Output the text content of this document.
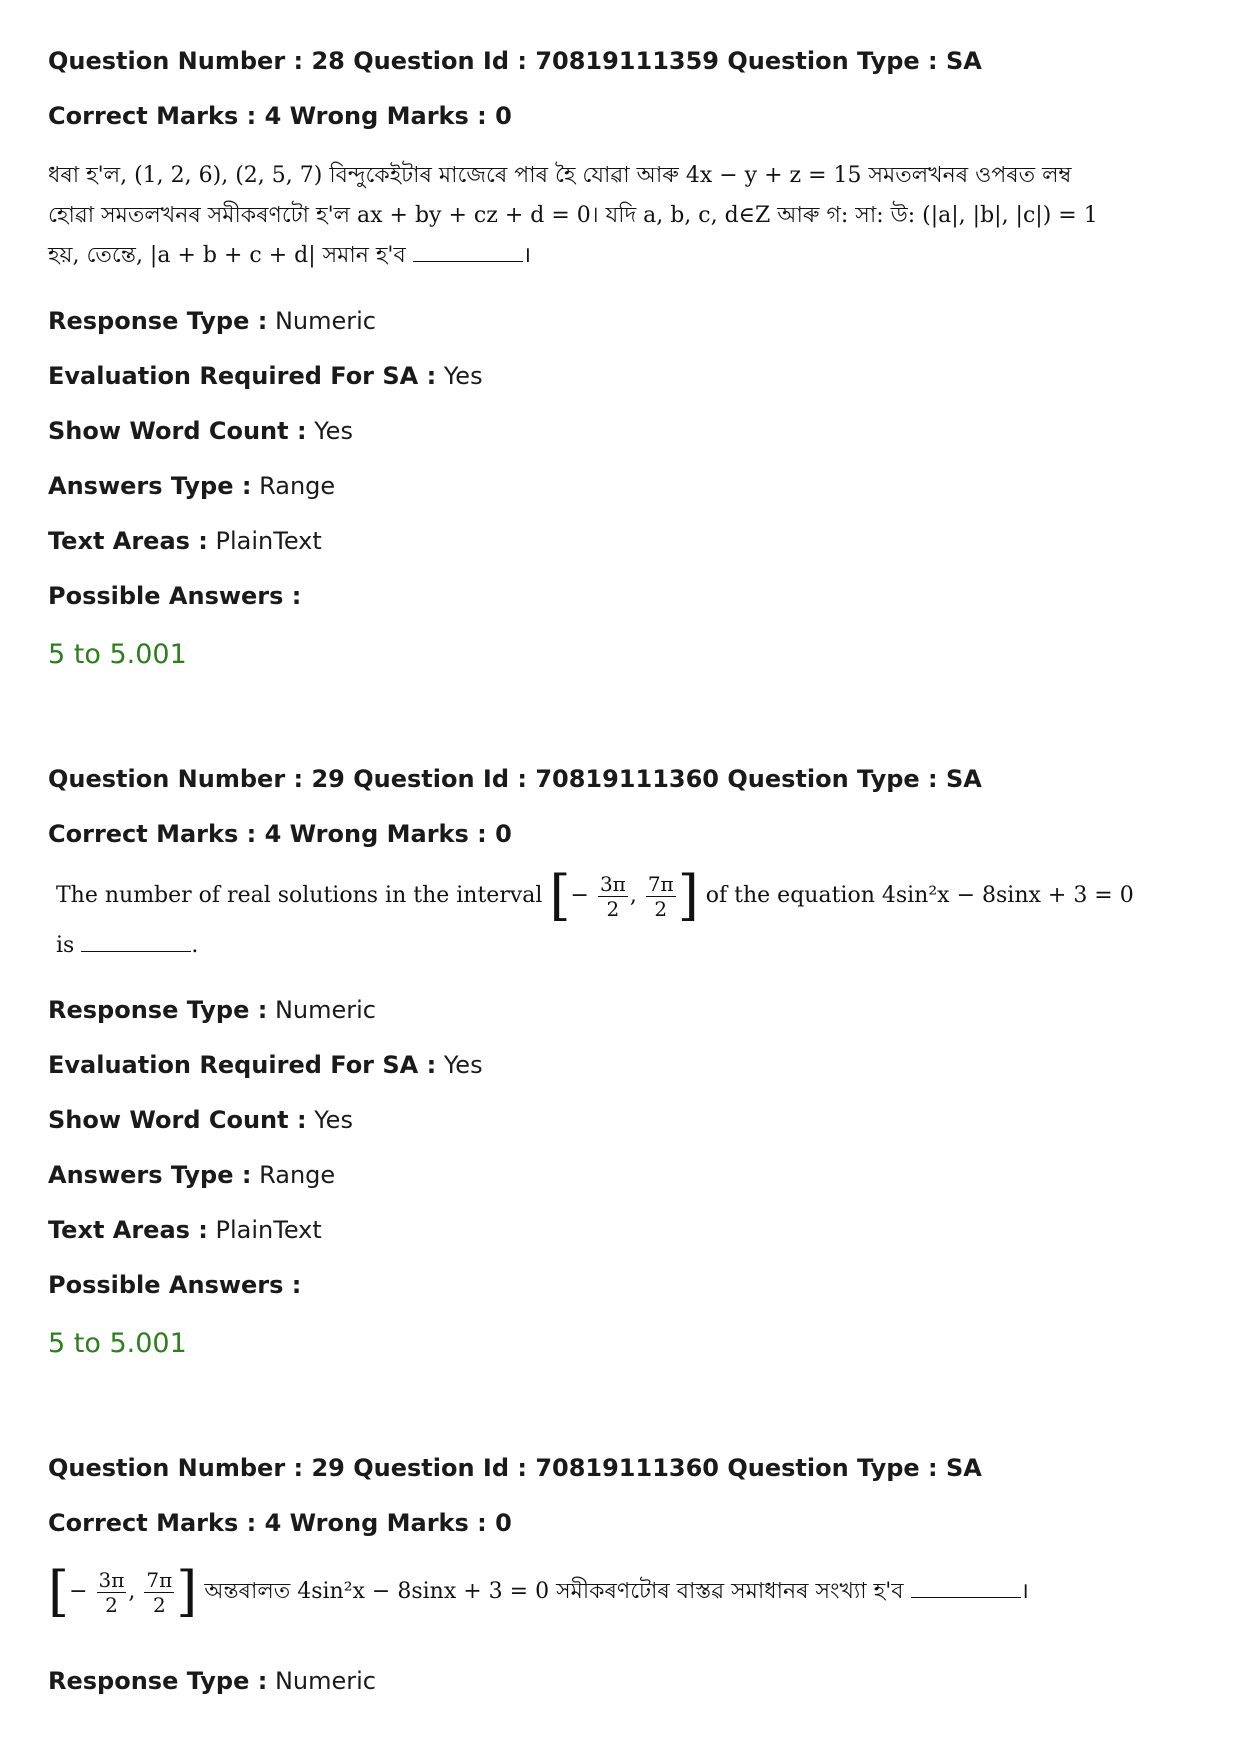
Question Number : 28 Question Id : 70819111359 Question Type : SA
Correct Marks : 4 Wrong Marks : 0
ধৰা হ'ল, (1, 2, 6), (2, 5, 7) বিন্দুকেইটাৰ মাজেৰে পাৰ হৈ যোৱা আৰু 4x − y + z = 15 সমতলখনৰ ওপৰত লম্ব
হোৱা সমতলখনৰ সমীকৰণটো হ'ল ax + by + cz + d = 0। যদি a, b, c, d∈Z আৰু গ: সা: উ: (|a|, |b|, |c|) = 1
হয়, তেন্তে, |a + b + c + d| সমান হ'ব	।
Response Type : Numeric
Evaluation Required For SA : Yes
Show Word Count : Yes
Answers Type : Range
Text Areas : PlainText
Possible Answers :
5 to 5.001
Question Number : 29 Question Id : 70819111360 Question Type : SA
Correct Marks : 4 Wrong Marks : 0
The number of real solutions in the interval [− $\frac{3\pi}{2}$ , $\frac{7\pi}{2}$ ] of the equation 4sin²x − 8sinx + 3 = 0
is	.
Response Type : Numeric
Evaluation Required For SA : Yes
Show Word Count : Yes
Answers Type : Range
Text Areas : PlainText
Possible Answers :
5 to 5.001
Question Number : 29 Question Id : 70819111360 Question Type : SA
Correct Marks : 4 Wrong Marks : 0
[− $\frac{3\pi}{2}$ , $\frac{7\pi}{2}$ ] অন্তৰালত 4sin²x − 8sinx + 3 = 0 সমীকৰণটোৰ বাস্তৱ সমাধানৰ সংখ্যা হ'ব	।
Response Type : Numeric
